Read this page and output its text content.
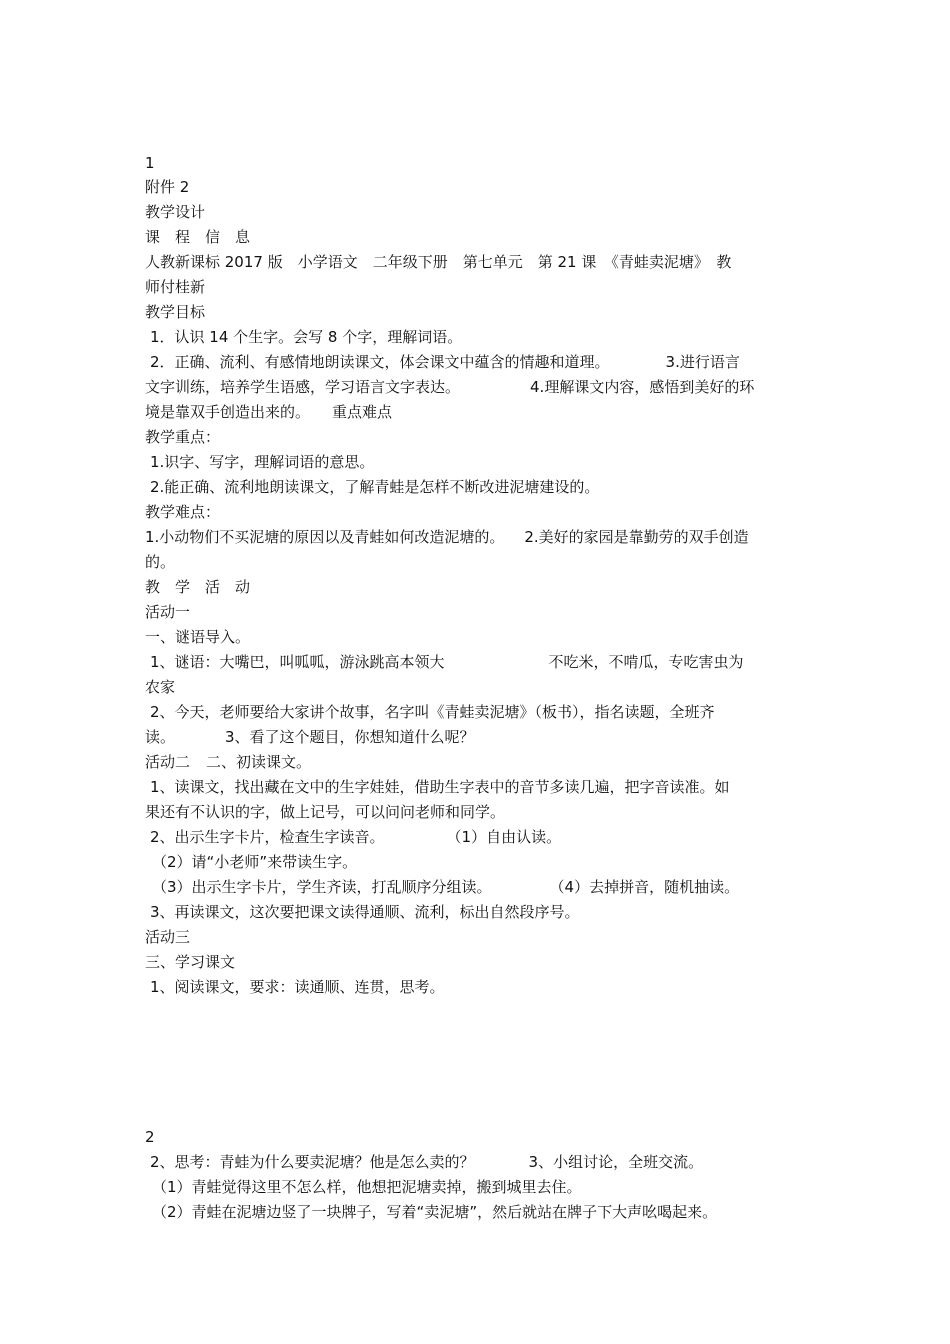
1
附件 2
教学设计
课　程　信　息
人教新课标 2017 版　小学语文　二年级下册　第七单元　第 21 课　《青蛙卖泥塘》　教
师付桂新
教学目标
1．认识 14 个生字。会写 8 个字，理解词语。
2．正确、流利、有感情地朗读课文，体会课文中蕴含的情趣和道理。	3.进行语言
文字训练，培养学生语感，学习语言文字表达。	4.理解课文内容，感悟到美好的环
境是靠双手创造出来的。 重点难点
教学重点：
1.识字、写字，理解词语的意思。
2.能正确、流利地朗读课文，了解青蛙是怎样不断改进泥塘建设的。
教学难点：
1.小动物们不买泥塘的原因以及青蛙如何改造泥塘的。 2.美好的家园是靠勤劳的双手创造
的。
教　学　活　动
活动一
一、谜语导入。
1、谜语：大嘴巴，叫呱呱，游泳跳高本领大	不吃米，不啃瓜，专吃害虫为
农家
2、今天，老师要给大家讲个故事，名字叫《青蛙卖泥塘》（板书），指名读题，全班齐
读。	3、看了这个题目，你想知道什么呢？
活动二 二、初读课文。
1、读课文，找出藏在文中的生字娃娃，借助生字表中的音节多读几遍，把字音读准。如
果还有不认识的字，做上记号，可以问问老师和同学。
2、出示生字卡片，检查生字读音。	（1）自由认读。
（2）请“小老师”来带读生字。
（3）出示生字卡片，学生齐读，打乱顺序分组读。	（4）去掉拼音，随机抽读。
3、再读课文，这次要把课文读得通顺、流利，标出自然段序号。
活动三
三、学习课文
1、阅读课文，要求：读通顺、连贯，思考。
2
2、思考：青蛙为什么要卖泥塘？他是怎么卖的？	3、小组讨论，全班交流。
（1）青蛙觉得这里不怎么样，他想把泥塘卖掉，搬到城里去住。
（2）青蛙在泥塘边竖了一块牌子，写着“卖泥塘”，然后就站在牌子下大声吆喝起来。
